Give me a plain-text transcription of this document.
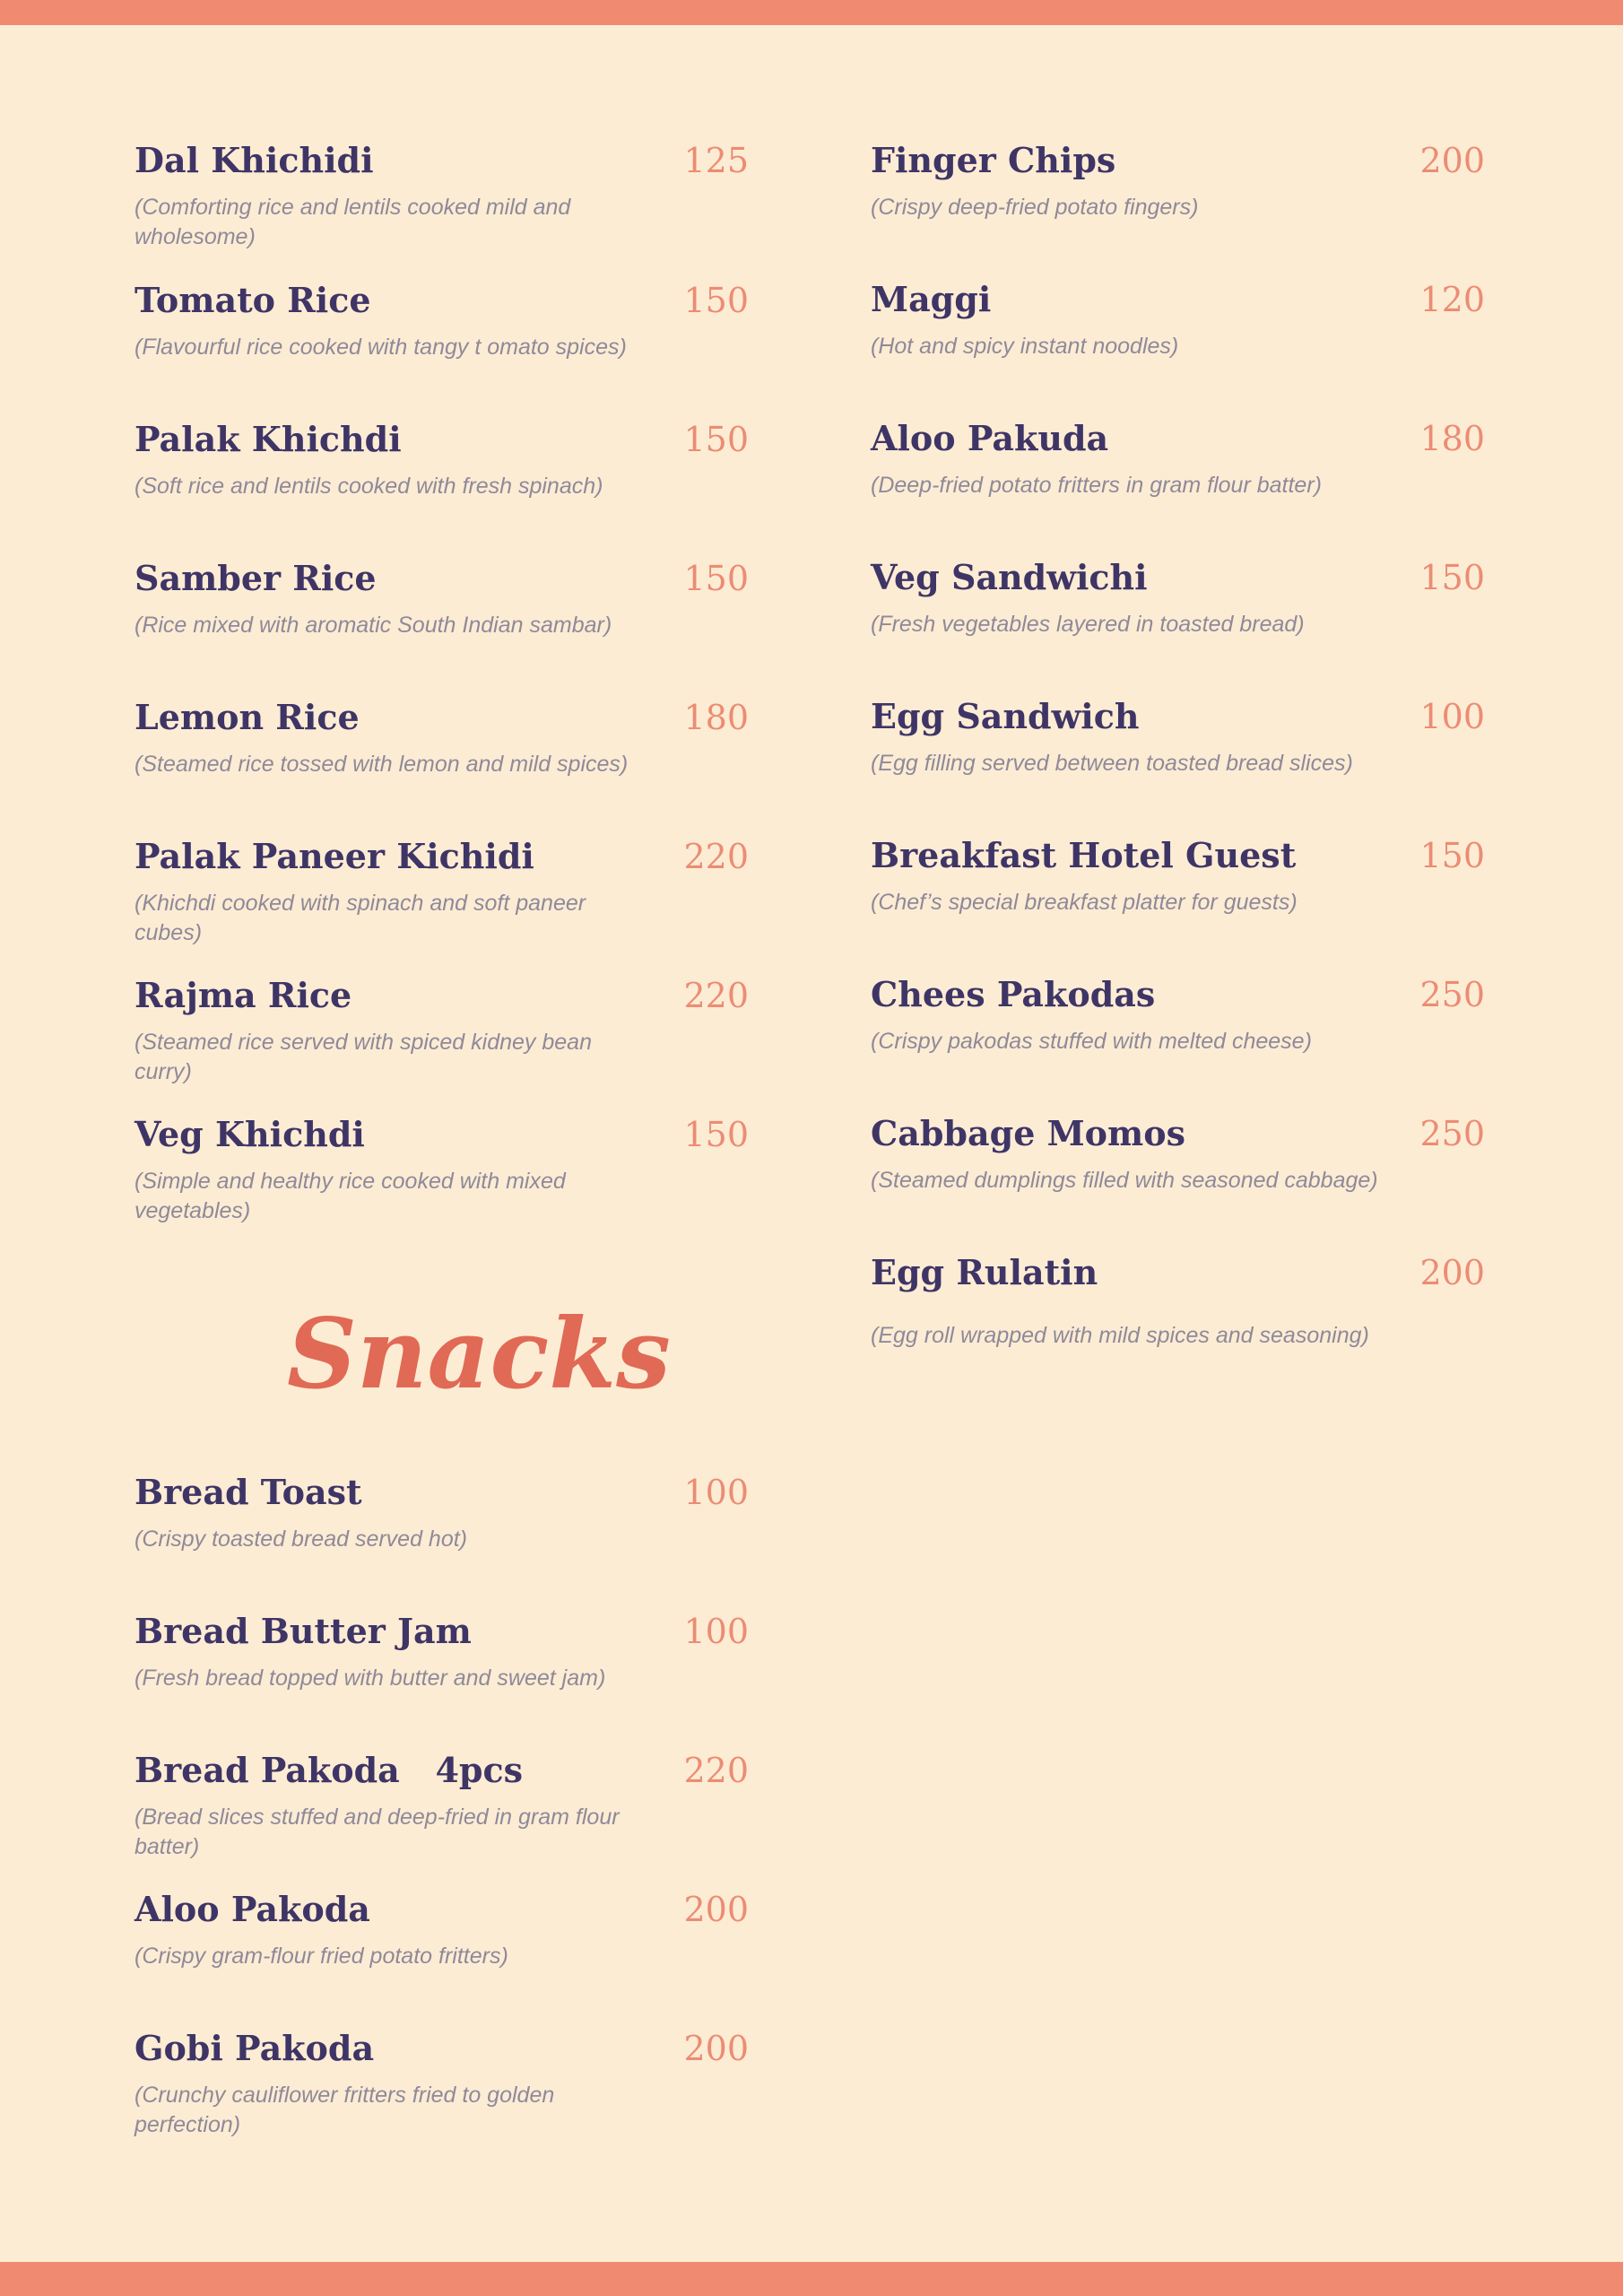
Dal Khichidi	125
(Comforting rice and lentils cooked mild and wholesome)
Tomato Rice	150
(Flavourful rice cooked with tangy t omato spices)
Palak Khichdi	150
(Soft rice and lentils cooked with fresh spinach)
Samber Rice	150
(Rice mixed with aromatic South Indian sambar)
Lemon Rice	180
(Steamed rice tossed with lemon and mild spices)
Palak Paneer Kichidi	220
(Khichdi cooked with spinach and soft paneer cubes)
Rajma Rice	220
(Steamed rice served with spiced kidney bean curry)
Veg Khichdi	150
(Simple and healthy rice cooked with mixed vegetables)
Snacks
Bread Toast	100
(Crispy toasted bread served hot)
Bread Butter Jam	100
(Fresh bread topped with butter and sweet jam)
Bread Pakoda   4pcs	220
(Bread slices stuffed and deep-fried in gram flour batter)
Aloo Pakoda	200
(Crispy gram-flour fried potato fritters)
Gobi Pakoda	200
(Crunchy cauliflower fritters fried to golden perfection)
Finger Chips	200
(Crispy deep-fried potato fingers)
Maggi	120
(Hot and spicy instant noodles)
Aloo Pakuda	180
(Deep-fried potato fritters in gram flour batter)
Veg Sandwichi	150
(Fresh vegetables layered in toasted bread)
Egg Sandwich	100
(Egg filling served between toasted bread slices)
Breakfast Hotel Guest	150
(Chef’s special breakfast platter for guests)
Chees Pakodas	250
(Crispy pakodas stuffed with melted cheese)
Cabbage Momos	250
(Steamed dumplings filled with seasoned cabbage)
Egg Rulatin	200
(Egg roll wrapped with mild spices and seasoning)
